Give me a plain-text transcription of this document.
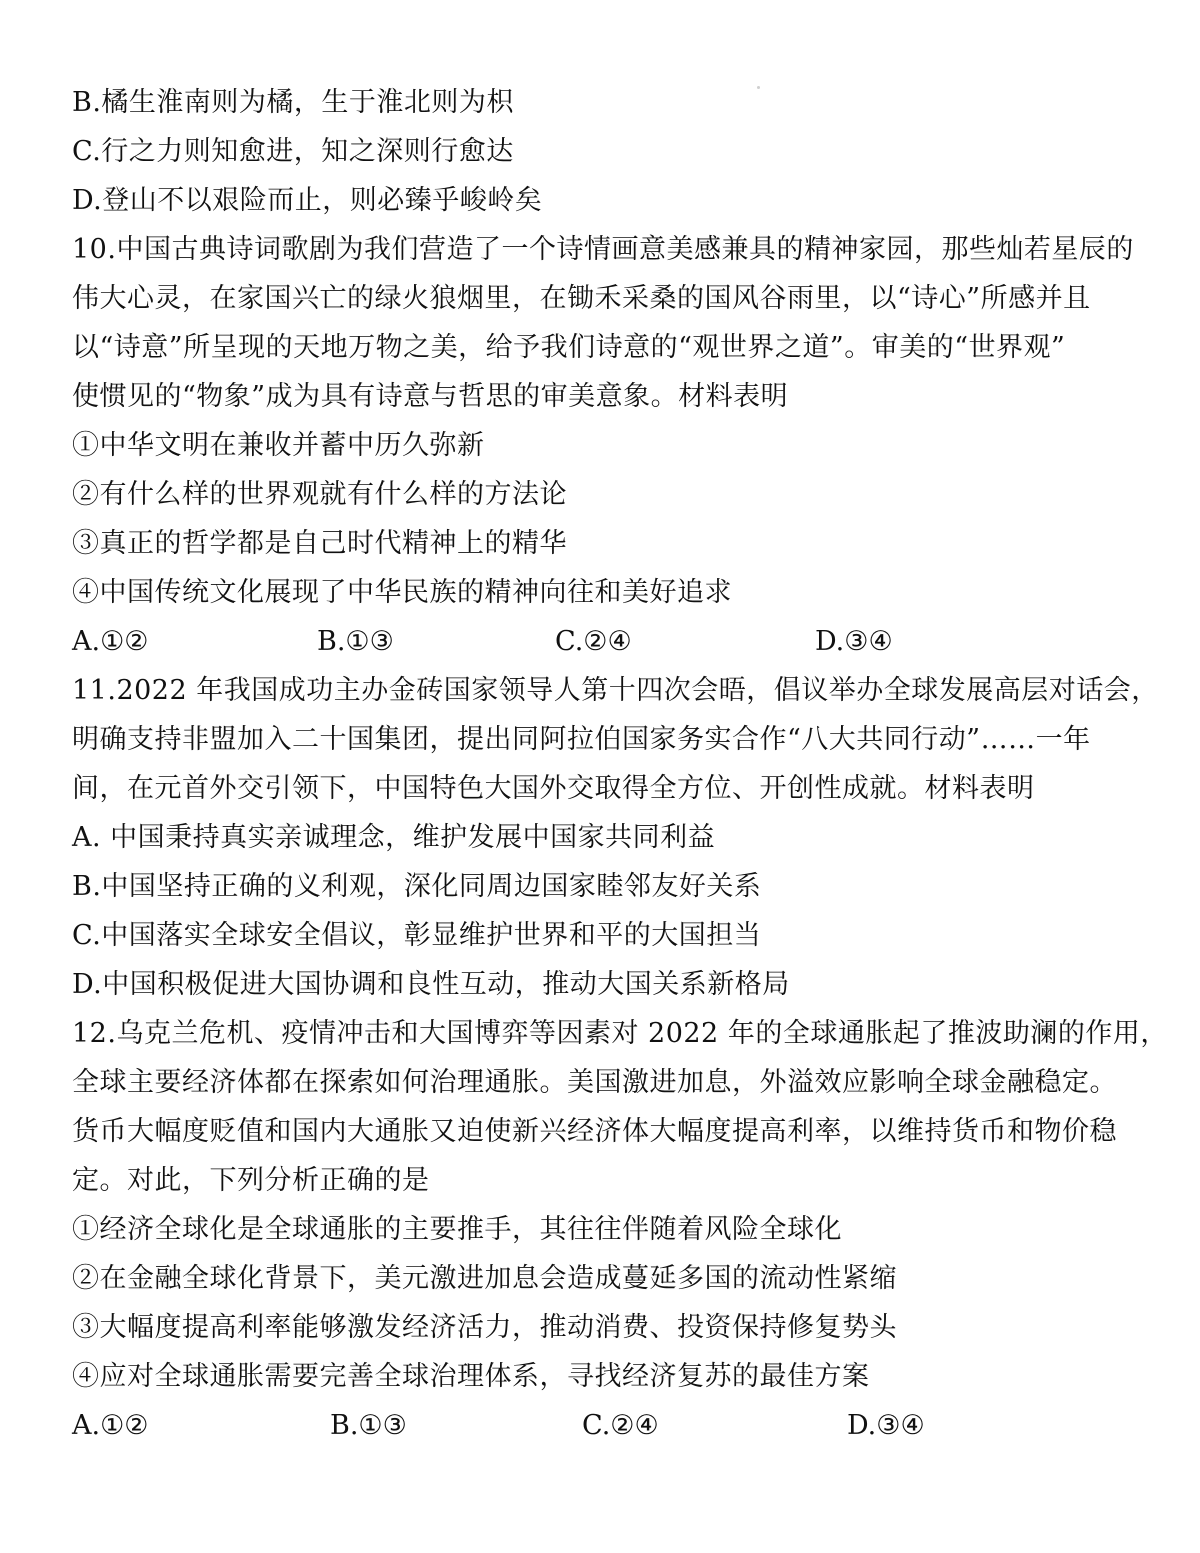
B.橘生淮南则为橘，生于淮北则为枳
C.行之力则知愈进，知之深则行愈达
D.登山不以艰险而止，则必臻乎峻岭矣
10.中国古典诗词歌剧为我们营造了一个诗情画意美感兼具的精神家园，那些灿若星辰的
伟大心灵，在家国兴亡的绿火狼烟里，在锄禾采桑的国风谷雨里，以“诗心”所感并且
以“诗意”所呈现的天地万物之美，给予我们诗意的“观世界之道”。审美的“世界观”
使惯见的“物象”成为具有诗意与哲思的审美意象。材料表明
①中华文明在兼收并蓄中历久弥新
②有什么样的世界观就有什么样的方法论
③真正的哲学都是自己时代精神上的精华
④中国传统文化展现了中华民族的精神向往和美好追求
A.①②	B.①③	C.②④	D.③④
11.2022 年我国成功主办金砖国家领导人第十四次会晤，倡议举办全球发展高层对话会，
明确支持非盟加入二十国集团，提出同阿拉伯国家务实合作“八大共同行动”……一年
间，在元首外交引领下，中国特色大国外交取得全方位、开创性成就。材料表明
A. 中国秉持真实亲诚理念，维护发展中国家共同利益
B.中国坚持正确的义利观，深化同周边国家睦邻友好关系
C.中国落实全球安全倡议，彰显维护世界和平的大国担当
D.中国积极促进大国协调和良性互动，推动大国关系新格局
12.乌克兰危机、疫情冲击和大国博弈等因素对 2022 年的全球通胀起了推波助澜的作用，
全球主要经济体都在探索如何治理通胀。美国激进加息，外溢效应影响全球金融稳定。
货币大幅度贬值和国内大通胀又迫使新兴经济体大幅度提高利率，以维持货币和物价稳
定。对此，下列分析正确的是
①经济全球化是全球通胀的主要推手，其往往伴随着风险全球化
②在金融全球化背景下，美元激进加息会造成蔓延多国的流动性紧缩
③大幅度提高利率能够激发经济活力，推动消费、投资保持修复势头
④应对全球通胀需要完善全球治理体系，寻找经济复苏的最佳方案
A.①②	B.①③	C.②④	D.③④
